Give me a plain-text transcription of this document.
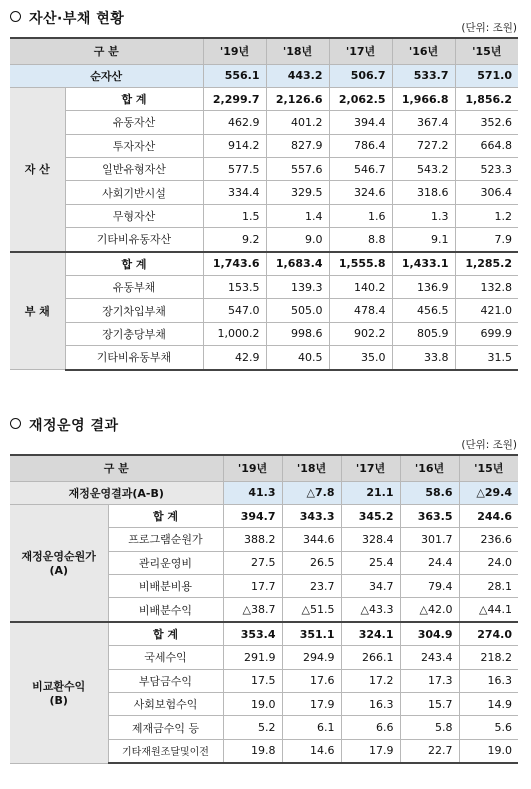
자산·부채 현황
(단위: 조원)
구 분		'19년	'18년	'17년	'16년	'15년
순자산		556.1	443.2	506.7	533.7	571.0
자 산	합 계	2,299.7	2,126.6	2,062.5	1,966.8	1,856.2
	유동자산	462.9	401.2	394.4	367.4	352.6
	투자자산	914.2	827.9	786.4	727.2	664.8
	일반유형자산	577.5	557.6	546.7	543.2	523.3
	사회기반시설	334.4	329.5	324.6	318.6	306.4
	무형자산	1.5	1.4	1.6	1.3	1.2
	기타비유동자산	9.2	9.0	8.8	9.1	7.9
부 채	합 계	1,743.6	1,683.4	1,555.8	1,433.1	1,285.2
	유동부채	153.5	139.3	140.2	136.9	132.8
	장기차입부채	547.0	505.0	478.4	456.5	421.0
	장기충당부채	1,000.2	998.6	902.2	805.9	699.9
	기타비유동부채	42.9	40.5	35.0	33.8	31.5
재정운영 결과
(단위: 조원)
구 분		'19년	'18년	'17년	'16년	'15년
재정운영결과(A-B)		41.3	△7.8	21.1	58.6	△29.4

재정운영순원가
(A)	합 계	394.7	343.3	345.2	363.5	244.6
	프로그램순원가	388.2	344.6	328.4	301.7	236.6
	관리운영비	27.5	26.5	25.4	24.4	24.0
	비배분비용	17.7	23.7	34.7	79.4	28.1
	비배분수익	△38.7	△51.5	△43.3	△42.0	△44.1

비교환수익
(B)	합 계	353.4	351.1	324.1	304.9	274.0
	국세수익	291.9	294.9	266.1	243.4	218.2
	부담금수익	17.5	17.6	17.2	17.3	16.3
	사회보험수익	19.0	17.9	16.3	15.7	14.9
	제재금수익 등	5.2	6.1	6.6	5.8	5.6
	기타재원조달및이전	19.8	14.6	17.9	22.7	19.0
